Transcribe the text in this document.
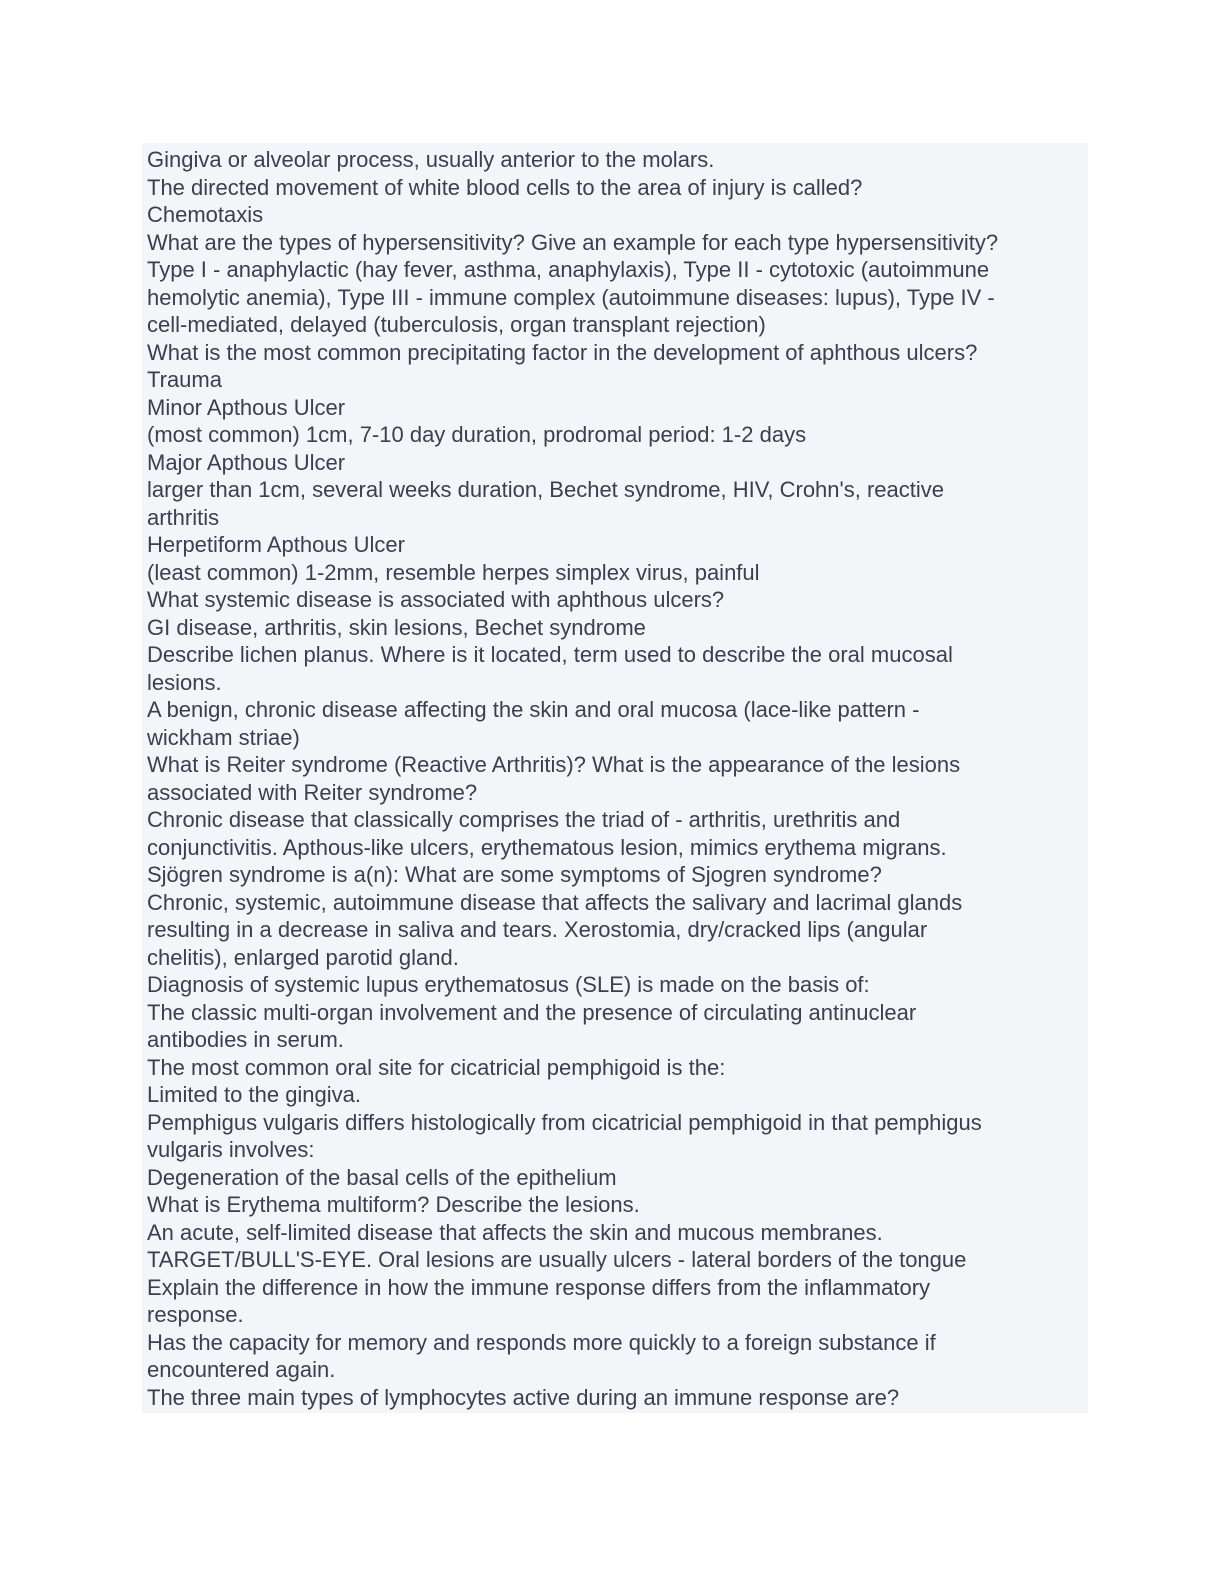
Gingiva or alveolar process, usually anterior to the molars.
The directed movement of white blood cells to the area of injury is called?
Chemotaxis
What are the types of hypersensitivity? Give an example for each type hypersensitivity?
Type I - anaphylactic (hay fever, asthma, anaphylaxis), Type II - cytotoxic (autoimmune
hemolytic anemia), Type III - immune complex (autoimmune diseases: lupus), Type IV -
cell-mediated, delayed (tuberculosis, organ transplant rejection)
What is the most common precipitating factor in the development of aphthous ulcers?
Trauma
Minor Apthous Ulcer
(most common) 1cm, 7-10 day duration, prodromal period: 1-2 days
Major Apthous Ulcer
larger than 1cm, several weeks duration, Bechet syndrome, HIV, Crohn's, reactive
arthritis
Herpetiform Apthous Ulcer
(least common) 1-2mm, resemble herpes simplex virus, painful
What systemic disease is associated with aphthous ulcers?
GI disease, arthritis, skin lesions, Bechet syndrome
Describe lichen planus. Where is it located, term used to describe the oral mucosal
lesions.
A benign, chronic disease affecting the skin and oral mucosa (lace-like pattern -
wickham striae)
What is Reiter syndrome (Reactive Arthritis)? What is the appearance of the lesions
associated with Reiter syndrome?
Chronic disease that classically comprises the triad of - arthritis, urethritis and
conjunctivitis. Apthous-like ulcers, erythematous lesion, mimics erythema migrans.
Sjögren syndrome is a(n): What are some symptoms of Sjogren syndrome?
Chronic, systemic, autoimmune disease that affects the salivary and lacrimal glands
resulting in a decrease in saliva and tears. Xerostomia, dry/cracked lips (angular
chelitis), enlarged parotid gland.
Diagnosis of systemic lupus erythematosus (SLE) is made on the basis of:
The classic multi-organ involvement and the presence of circulating antinuclear
antibodies in serum.
The most common oral site for cicatricial pemphigoid is the:
Limited to the gingiva.
Pemphigus vulgaris differs histologically from cicatricial pemphigoid in that pemphigus
vulgaris involves:
Degeneration of the basal cells of the epithelium
What is Erythema multiform? Describe the lesions.
An acute, self-limited disease that affects the skin and mucous membranes.
TARGET/BULL'S-EYE. Oral lesions are usually ulcers - lateral borders of the tongue
Explain the difference in how the immune response differs from the inflammatory
response.
Has the capacity for memory and responds more quickly to a foreign substance if
encountered again.
The three main types of lymphocytes active during an immune response are?
